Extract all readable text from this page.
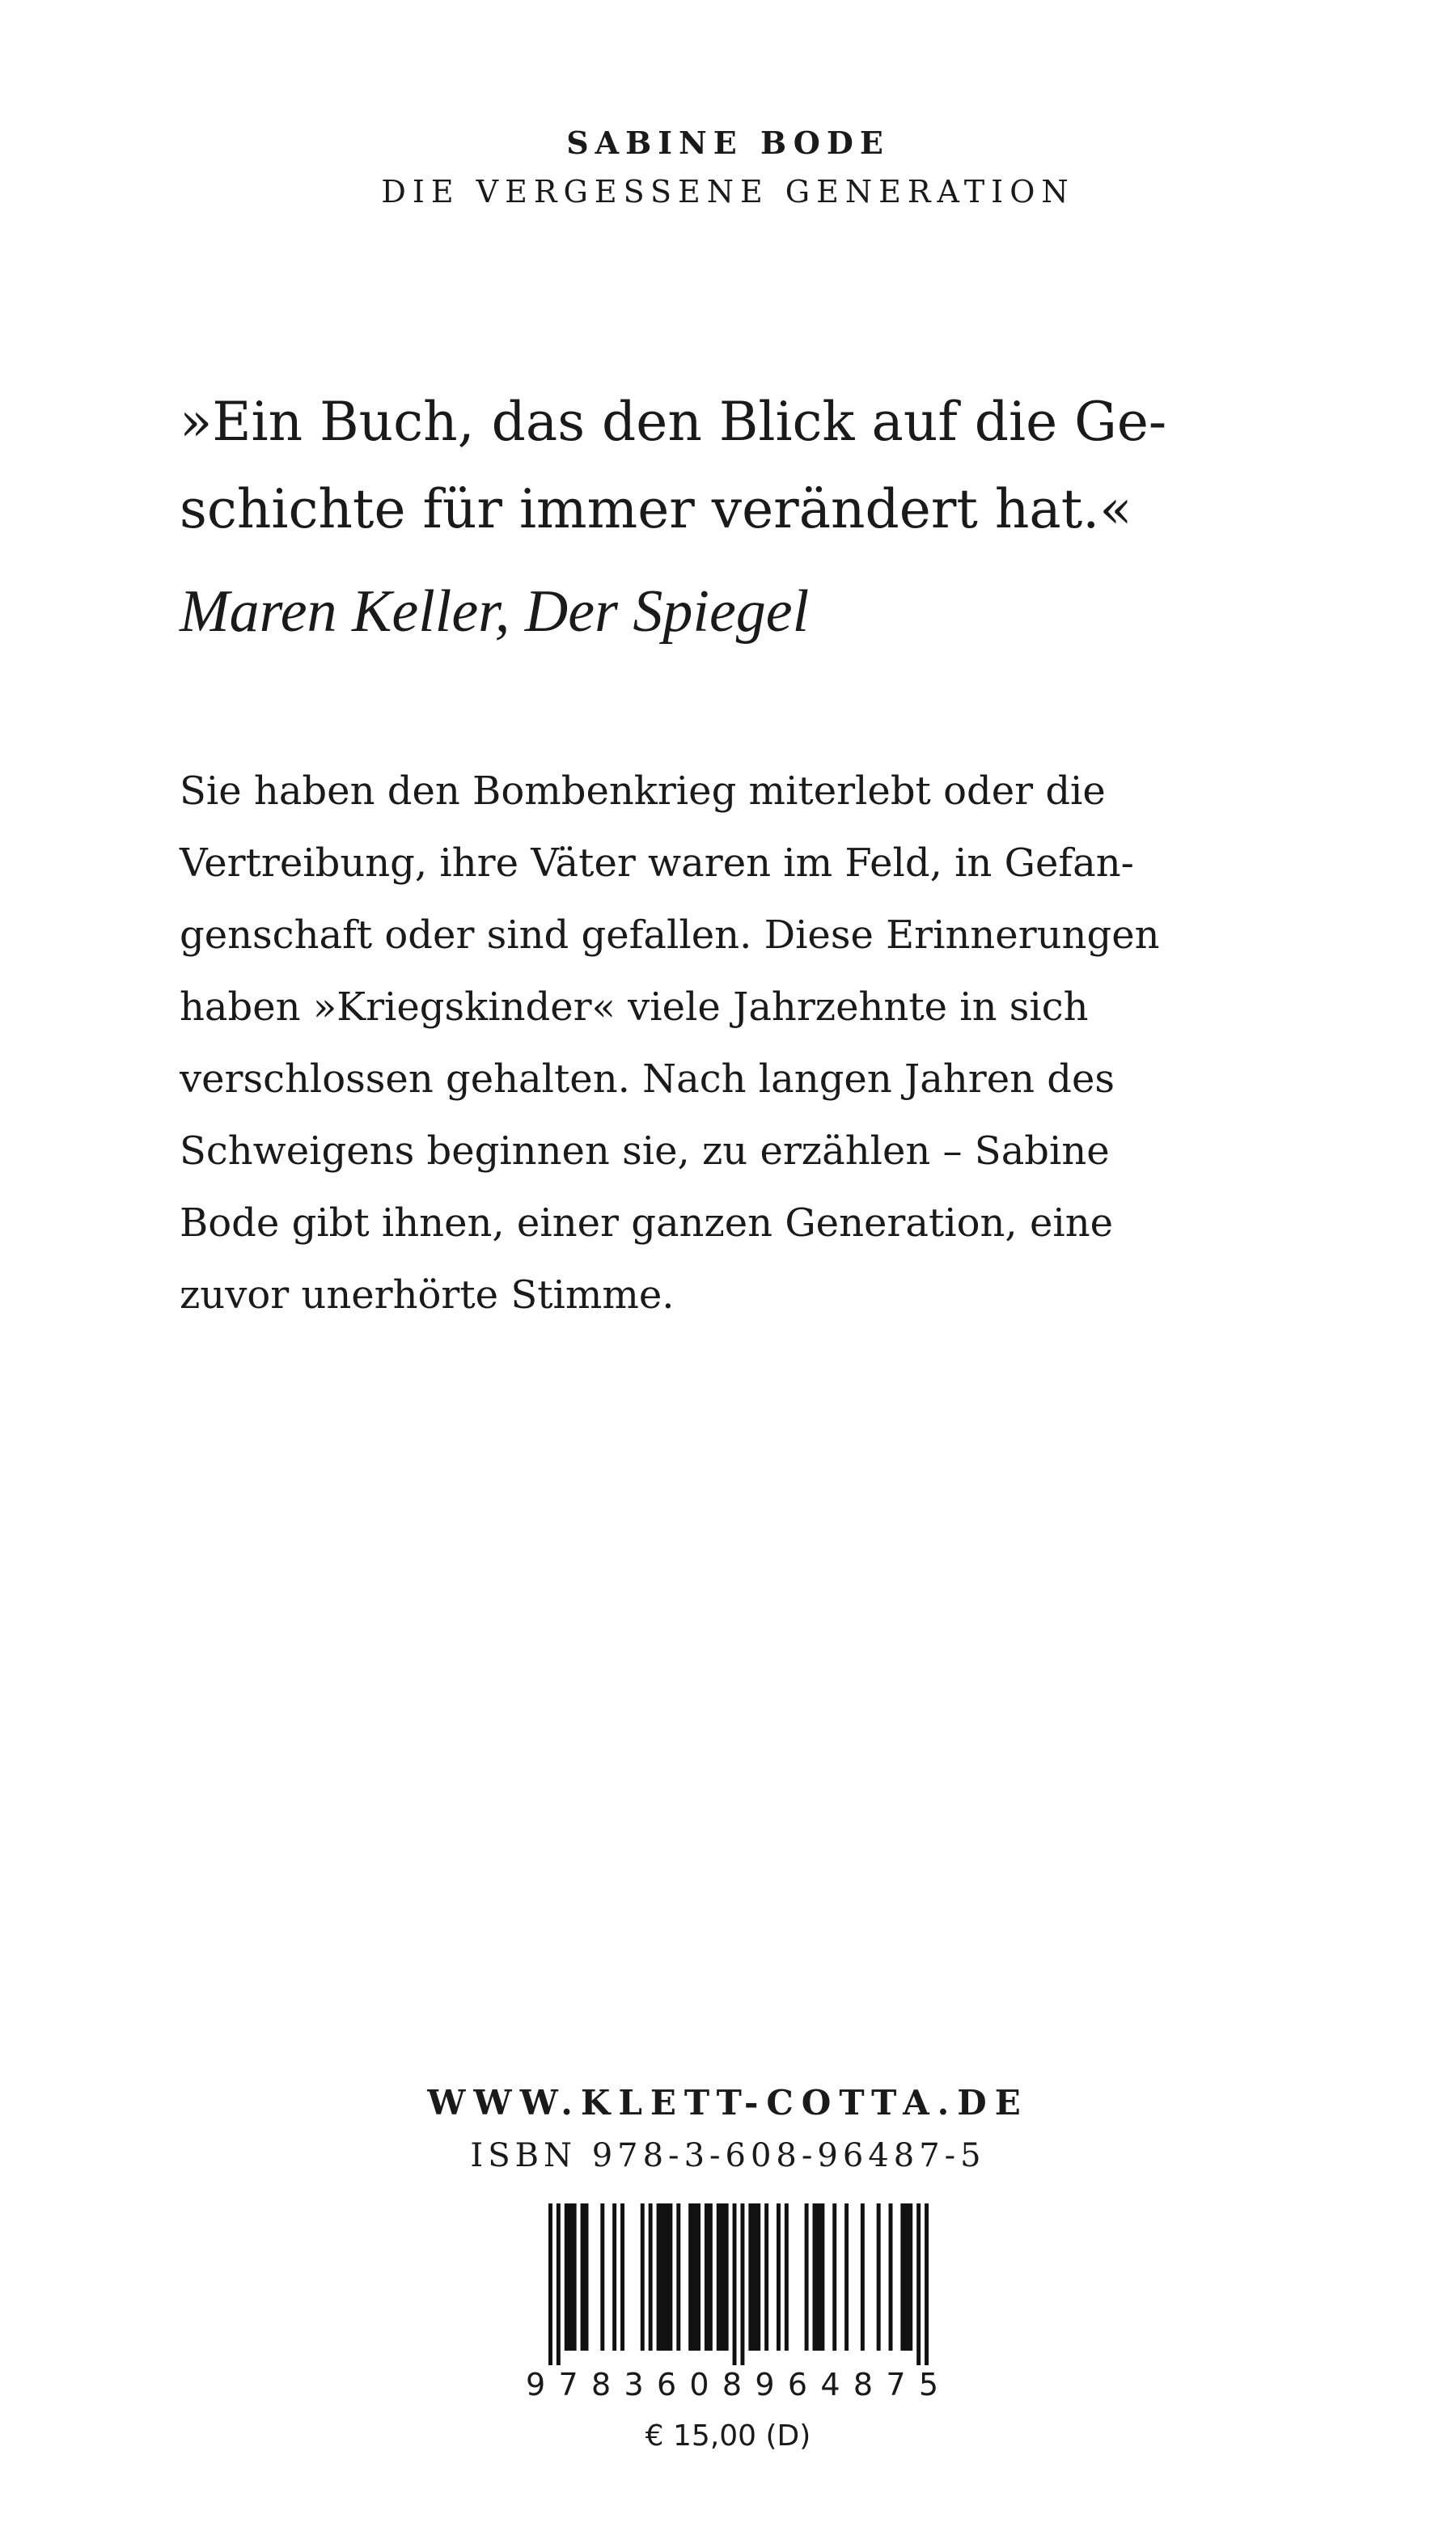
SABINE BODE
DIE VERGESSENE GENERATION
»Ein Buch, das den Blick auf die Ge-
schichte für immer verändert hat.«
Maren Keller, Der Spiegel
Sie haben den Bombenkrieg miterlebt oder die
Vertreibung, ihre Väter waren im Feld, in Gefan-
genschaft oder sind gefallen. Diese Erinnerungen
haben »Kriegskinder« viele Jahrzehnte in sich
verschlossen gehalten. Nach langen Jahren des
Schweigens beginnen sie, zu erzählen – Sabine
Bode gibt ihnen, einer ganzen Generation, eine
zuvor unerhörte Stimme.
WWW.KLETT-COTTA.DE
ISBN 978-3-608-96487-5
9 7 8 3 6 0 8 9 6 4 8 7 5
€ 15,00 (D)
